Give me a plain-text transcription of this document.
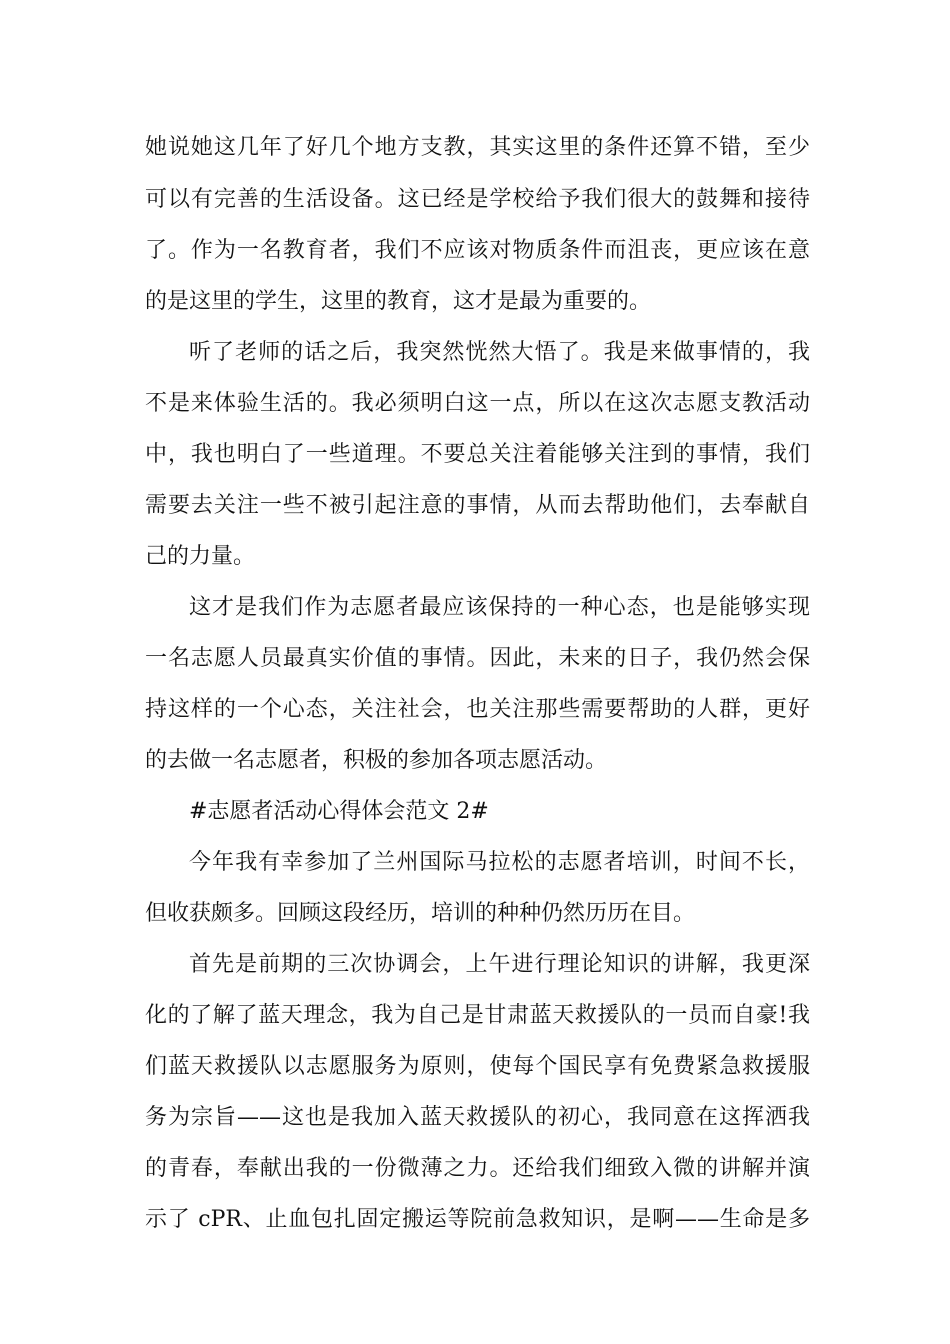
她说她这几年了好几个地方支教，其实这里的条件还算不错，至少
可以有完善的生活设备。这已经是学校给予我们很大的鼓舞和接待
了。作为一名教育者，我们不应该对物质条件而沮丧，更应该在意
的是这里的学生，这里的教育，这才是最为重要的。
听了老师的话之后，我突然恍然大悟了。我是来做事情的，我
不是来体验生活的。我必须明白这一点，所以在这次志愿支教活动
中，我也明白了一些道理。不要总关注着能够关注到的事情，我们
需要去关注一些不被引起注意的事情，从而去帮助他们，去奉献自
己的力量。
这才是我们作为志愿者最应该保持的一种心态，也是能够实现
一名志愿人员最真实价值的事情。因此，未来的日子，我仍然会保
持这样的一个心态，关注社会，也关注那些需要帮助的人群，更好
的去做一名志愿者，积极的参加各项志愿活动。
#志愿者活动心得体会范文 2#
今年我有幸参加了兰州国际马拉松的志愿者培训，时间不长，
但收获颇多。回顾这段经历，培训的种种仍然历历在目。
首先是前期的三次协调会，上午进行理论知识的讲解，我更深
化的了解了蓝天理念，我为自己是甘肃蓝天救援队的一员而自豪!我
们蓝天救援队以志愿服务为原则，使每个国民享有免费紧急救援服
务为宗旨——这也是我加入蓝天救援队的初心，我同意在这挥洒我
的青春，奉献出我的一份微薄之力。还给我们细致入微的讲解并演
示了 cPR、止血包扎固定搬运等院前急救知识，是啊——生命是多
